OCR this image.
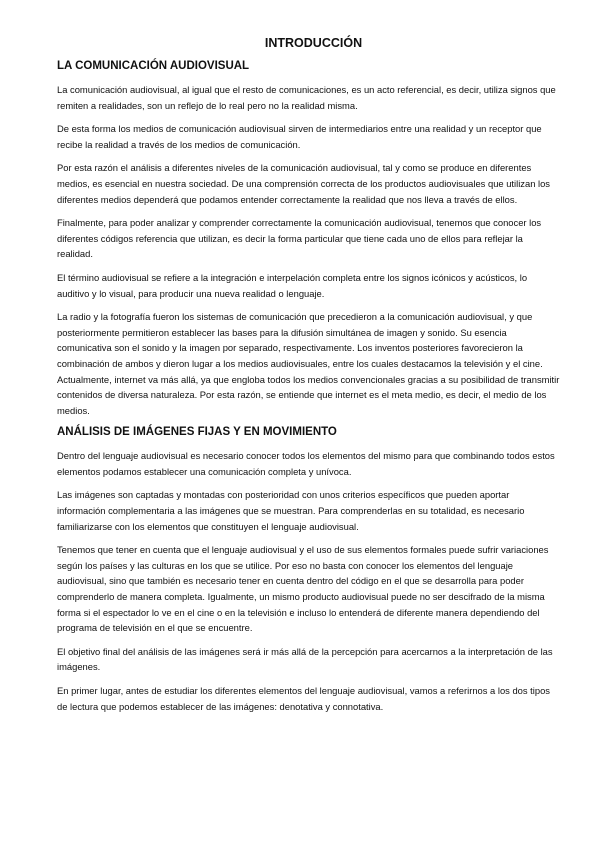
INTRODUCCIÓN
LA COMUNICACIÓN AUDIOVISUAL

La comunicación audiovisual, al igual que el resto de comunicaciones, es un acto referencial, es decir, utiliza signos que remiten a realidades, son un reflejo de lo real pero no la realidad misma.

De esta forma los medios de comunicación audiovisual sirven de intermediarios entre una realidad y un receptor que recibe la realidad a través de los medios de comunicación.

Por esta razón el análisis a diferentes niveles de la comunicación audiovisual, tal y como se produce en diferentes medios, es esencial en nuestra sociedad. De una comprensión correcta de los productos audiovisuales que utilizan los diferentes medios dependerá que podamos entender correctamente la realidad que nos lleva a través de ellos.

Finalmente, para poder analizar y comprender correctamente la comunicación audiovisual, tenemos que conocer los diferentes códigos referencia que utilizan, es decir la forma particular que tiene cada uno de ellos para reflejar la realidad.

El término audiovisual se refiere a la integración e interpelación completa entre los signos icónicos y acústicos, lo auditivo y lo visual, para producir una nueva realidad o lenguaje.

La radio y la fotografía fueron los sistemas de comunicación que precedieron a la comunicación audiovisual, y que posteriormente permitieron establecer las bases para la difusión simultánea de imagen y sonido. Su esencia comunicativa son el sonido y la imagen por separado, respectivamente. Los inventos posteriores favorecieron la combinación de ambos y dieron lugar a los medios audiovisuales, entre los cuales destacamos la televisión y el cine. Actualmente, internet va más allá, ya que engloba todos los medios convencionales gracias a su posibilidad de transmitir contenidos de diversa naturaleza. Por esta razón, se entiende que internet es el meta medio, es decir, el medio de los medios.

ANÁLISIS DE IMÁGENES FIJAS Y EN MOVIMIENTO

Dentro del lenguaje audiovisual es necesario conocer todos los elementos del mismo para que combinando todos estos elementos podamos establecer una comunicación completa y unívoca.

Las imágenes son captadas y montadas con posterioridad con unos criterios específicos que pueden aportar información complementaria a las imágenes que se muestran. Para comprenderlas en su totalidad, es necesario familiarizarse con los elementos que constituyen el lenguaje audiovisual.

Tenemos que tener en cuenta que el lenguaje audiovisual y el uso de sus elementos formales puede sufrir variaciones según los países y las culturas en los que se utilice. Por eso no basta con conocer los elementos del lenguaje audiovisual, sino que también es necesario tener en cuenta dentro del código en el que se desarrolla para poder comprenderlo de manera completa. Igualmente, un mismo producto audiovisual puede no ser descifrado de la misma forma si el espectador lo ve en el cine o en la televisión e incluso lo entenderá de diferente manera dependiendo del programa de televisión en el que se encuentre.

El objetivo final del análisis de las imágenes será ir más allá de la percepción para acercarnos a la interpretación de las imágenes.

En primer lugar, antes de estudiar los diferentes elementos del lenguaje audiovisual, vamos a referirnos a los dos tipos de lectura que podemos establecer de las imágenes: denotativa y connotativa.
